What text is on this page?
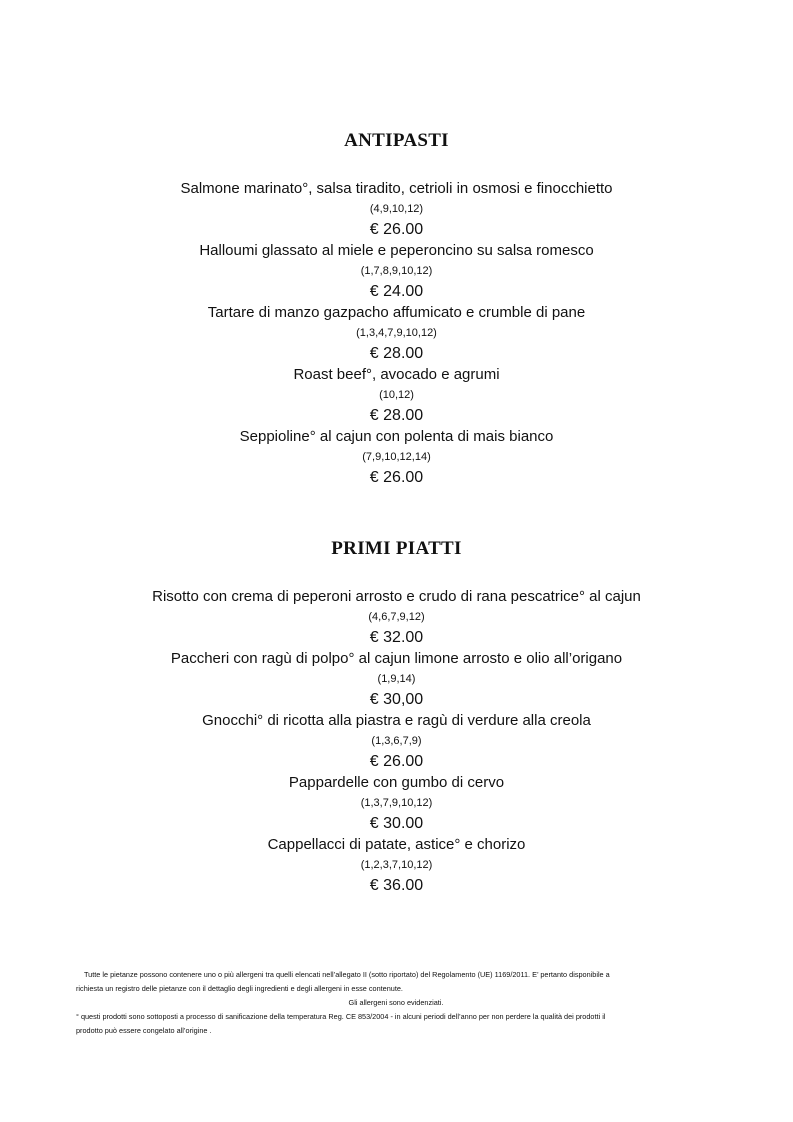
ANTIPASTI
Salmone marinato°, salsa tiradito, cetrioli in osmosi e finocchietto
(4,9,10,12)
€ 26.00
Halloumi glassato al miele e peperoncino su salsa romesco
(1,7,8,9,10,12)
€ 24.00
Tartare di manzo gazpacho affumicato e crumble di pane
(1,3,4,7,9,10,12)
€ 28.00
Roast beef°, avocado e agrumi
(10,12)
€ 28.00
Seppioline° al cajun con polenta di mais bianco
(7,9,10,12,14)
€ 26.00
PRIMI PIATTI
Risotto con crema di peperoni arrosto e crudo di rana pescatrice° al cajun
(4,6,7,9,12)
€ 32.00
Paccheri con ragù di polpo° al cajun limone arrosto e olio all’origano
(1,9,14)
€ 30,00
Gnocchi° di ricotta alla piastra e ragù di verdure alla creola
(1,3,6,7,9)
€ 26.00
Pappardelle con gumbo di cervo
(1,3,7,9,10,12)
€ 30.00
Cappellacci di patate, astice° e chorizo
(1,2,3,7,10,12)
€ 36.00
Tutte le pietanze possono contenere uno o più allergeni tra quelli elencati nell’allegato II (sotto riportato) del Regolamento (UE) 1169/2011. E’ pertanto disponibile a
richiesta un registro delle pietanze con il dettaglio degli ingredienti e degli allergeni in esse contenute.
Gli allergeni sono evidenziati.
° questi prodotti sono sottoposti a processo di sanificazione della temperatura Reg. CE 853/2004 - in alcuni periodi dell’anno per non perdere la qualità dei prodotti il
prodotto può essere congelato all’origine .
